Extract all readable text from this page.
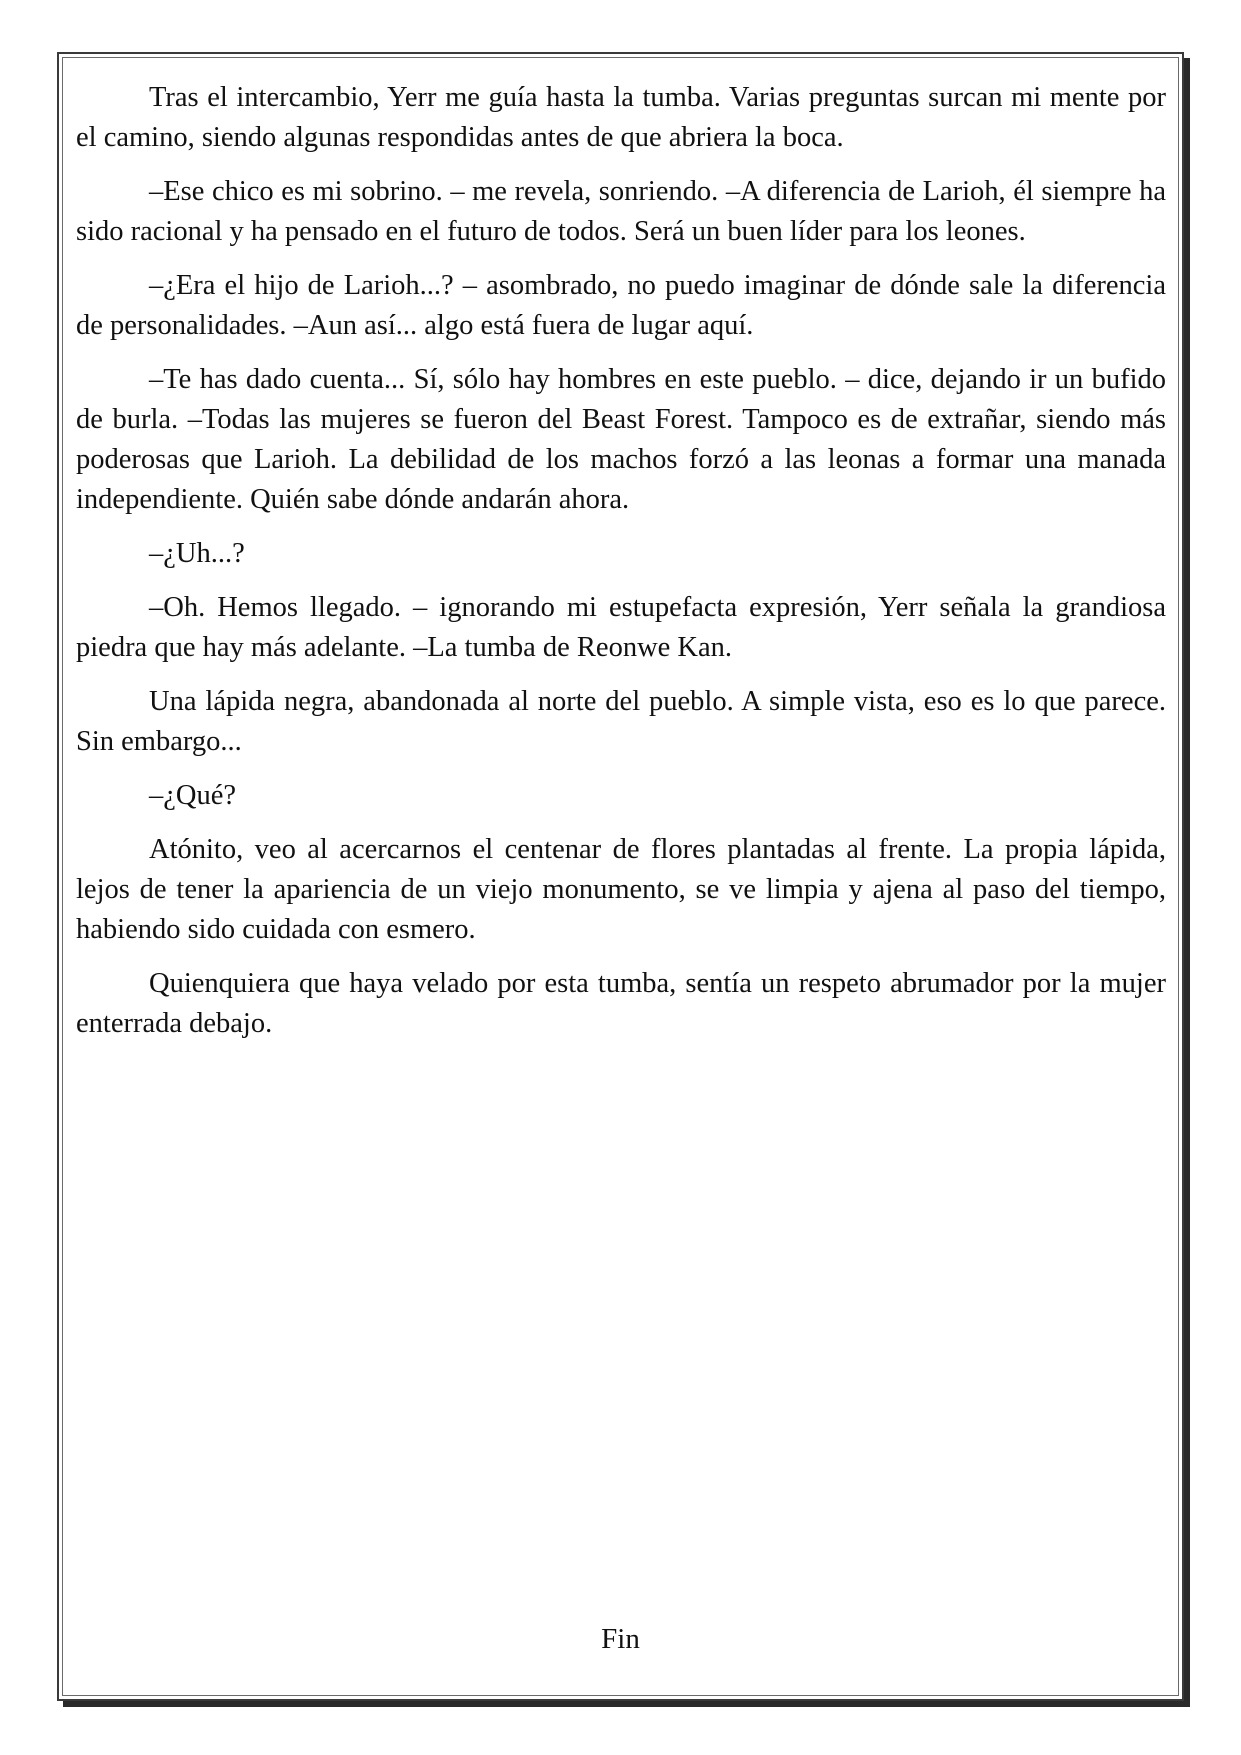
Tras el intercambio, Yerr me guía hasta la tumba. Varias preguntas surcan mi mente por el camino, siendo algunas respondidas antes de que abriera la boca.

–Ese chico es mi sobrino. – me revela, sonriendo. –A diferencia de Larioh, él siempre ha sido racional y ha pensado en el futuro de todos. Será un buen líder para los leones.

–¿Era el hijo de Larioh...? – asombrado, no puedo imaginar de dónde sale la diferencia de personalidades. –Aun así... algo está fuera de lugar aquí.

–Te has dado cuenta... Sí, sólo hay hombres en este pueblo. – dice, dejando ir un bufido de burla. –Todas las mujeres se fueron del Beast Forest. Tampoco es de extrañar, siendo más poderosas que Larioh. La debilidad de los machos forzó a las leonas a formar una manada independiente. Quién sabe dónde andarán ahora.

–¿Uh...?

–Oh. Hemos llegado. – ignorando mi estupefacta expresión, Yerr señala la grandiosa piedra que hay más adelante. –La tumba de Reonwe Kan.

Una lápida negra, abandonada al norte del pueblo. A simple vista, eso es lo que parece. Sin embargo...

–¿Qué?

Atónito, veo al acercarnos el centenar de flores plantadas al frente. La propia lápida, lejos de tener la apariencia de un viejo monumento, se ve limpia y ajena al paso del tiempo, habiendo sido cuidada con esmero.

Quienquiera que haya velado por esta tumba, sentía un respeto abrumador por la mujer enterrada debajo.

Fin
